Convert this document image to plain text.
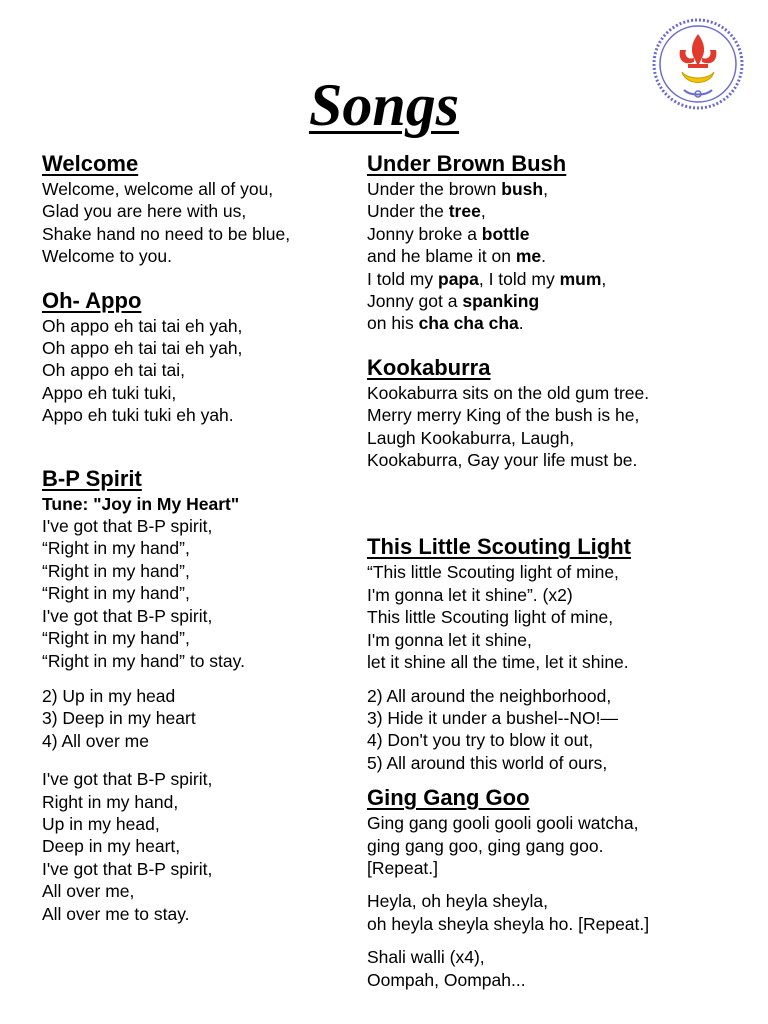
Songs
Welcome
Welcome, welcome all of you,
Glad you are here with us,
Shake hand no need to be blue,
Welcome to you.
Oh- Appo
Oh appo eh tai tai eh yah,
Oh appo eh tai tai eh yah,
Oh appo eh tai tai,
Appo eh tuki tuki,
Appo eh tuki tuki eh yah.
B-P Spirit
Tune: "Joy in My Heart"
I've got that B-P spirit,
“Right in my hand”,
“Right in my hand”,
“Right in my hand”,
I've got that B-P spirit,
“Right in my hand”,
“Right in my hand” to stay.
2) Up in my head
3) Deep in my heart
4) All over me
I've got that B-P spirit,
Right in my hand,
Up in my head,
Deep in my heart,
I've got that B-P spirit,
All over me,
All over me to stay.
Under Brown Bush
Under the brown bush,
Under the tree,
Jonny broke a bottle
and he blame it on me.
I told my papa, I told my mum,
Jonny got a spanking
on his cha cha cha.
Kookaburra
Kookaburra sits on the old gum tree.
Merry merry King of the bush is he,
Laugh Kookaburra, Laugh,
Kookaburra, Gay your life must be.
This Little Scouting Light
“This little Scouting light of mine,
I'm gonna let it shine”. (x2)
This little Scouting light of mine,
I'm gonna let it shine,
let it shine all the time, let it shine.
2) All around the neighborhood,
3) Hide it under a bushel--NO!—
4) Don't you try to blow it out,
5) All around this world of ours,
Ging Gang Goo
Ging gang gooli gooli gooli watcha,
ging gang goo, ging gang goo.
[Repeat.]
Heyla, oh heyla sheyla,
oh heyla sheyla sheyla ho. [Repeat.]
Shali walli (x4),
Oompah, Oompah...
